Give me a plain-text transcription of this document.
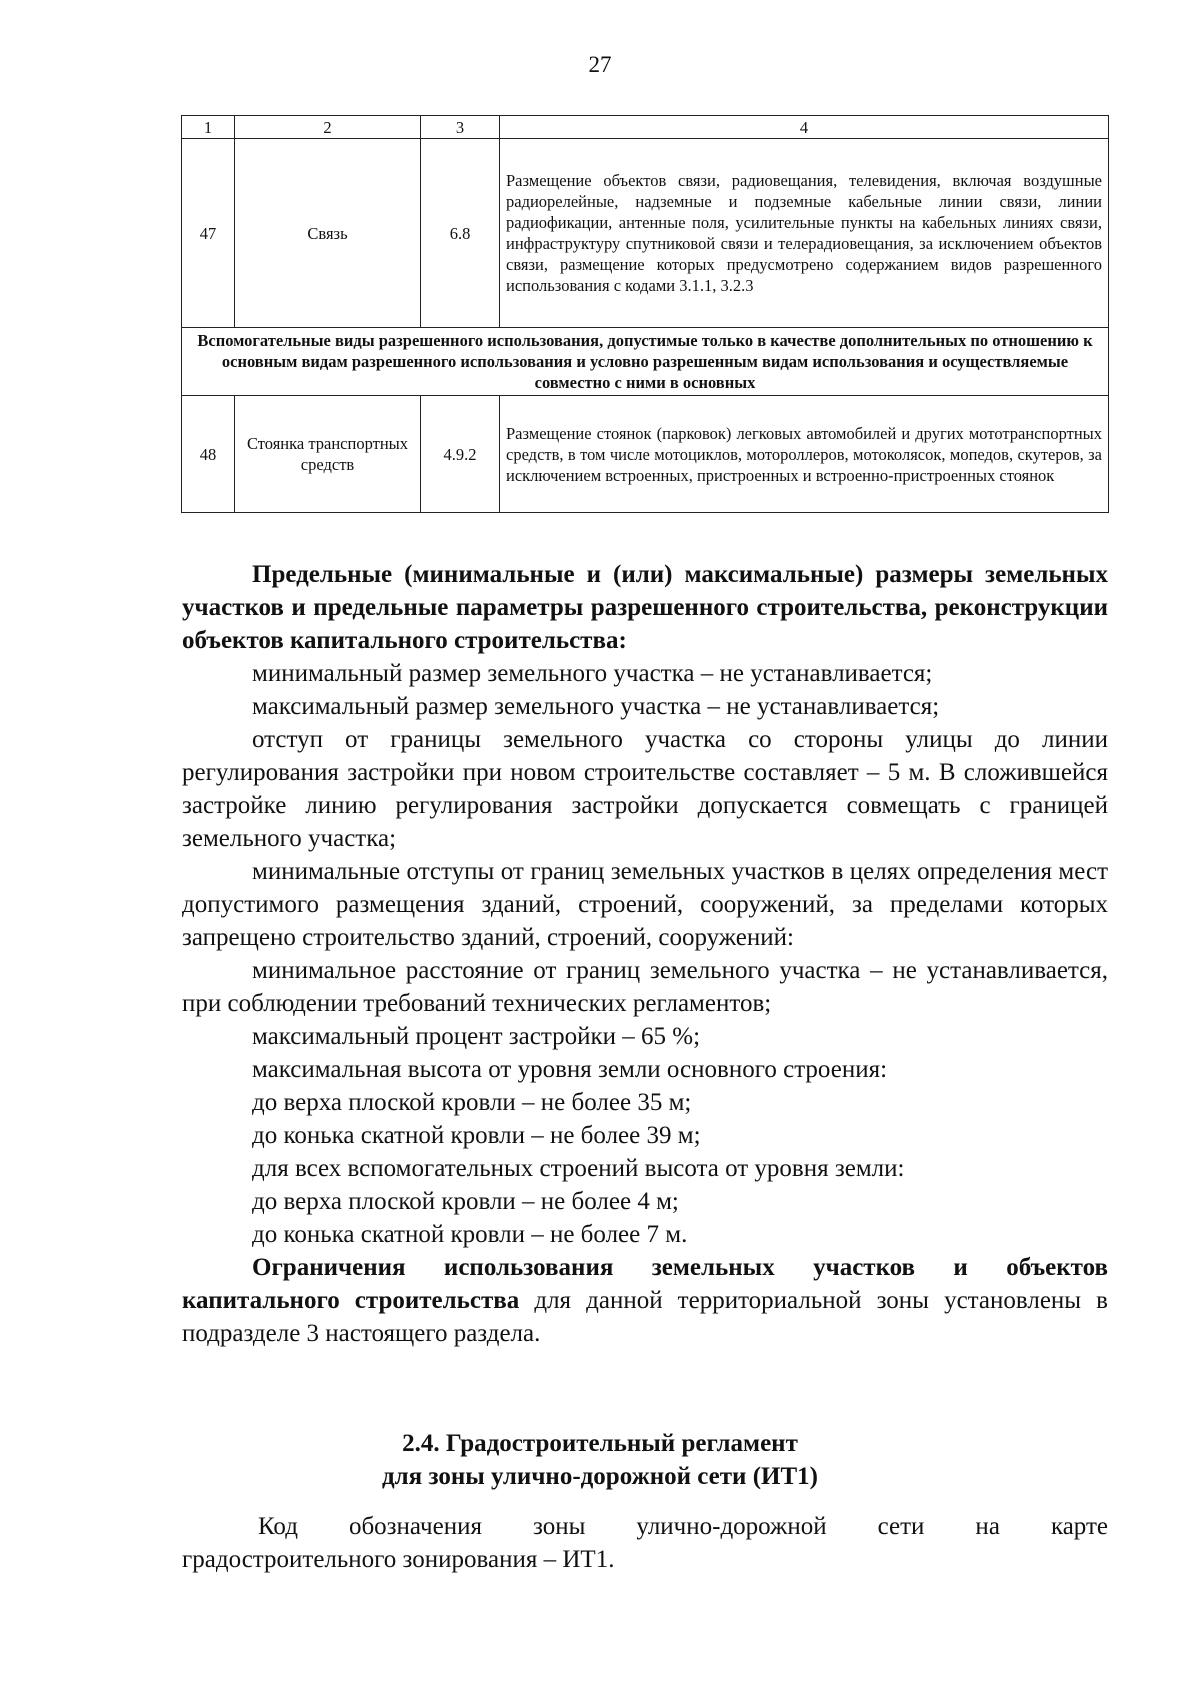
27
1	2	3	4
47	Связь	6.8	Размещение объектов связи, радиовещания, телевидения, включая воздушные радиорелейные, надземные и подземные кабельные линии связи, линии радиофикации, антенные поля, усилительные пункты на кабельных линиях связи, инфраструктуру спутниковой связи и телерадиовещания, за исключением объектов связи, размещение которых предусмотрено содержанием видов разрешенного использования с кодами 3.1.1, 3.2.3
Вспомогательные виды разрешенного использования, допустимые только в качестве дополнительных по отношению к основным видам разрешенного использования и условно разрешенным видам использования и осуществляемые совместно с ними в основных			
48	Стоянка транспортных средств	4.9.2	Размещение стоянок (парковок) легковых автомобилей и других мототранспортных средств, в том числе мотоциклов, мотороллеров, мотоколясок, мопедов, скутеров, за исключением встроенных, пристроенных и встроенно-пристроенных стоянок

Предельные (минимальные и (или) максимальные) размеры земельных участков и предельные параметры разрешенного строительства, реконструкции объектов капитального строительства:

минимальный размер земельного участка – не устанавливается;

максимальный размер земельного участка – не устанавливается;

отступ от границы земельного участка со стороны улицы до линии регулирования застройки при новом строительстве составляет – 5 м. В сложившейся застройке линию регулирования застройки допускается совмещать с границей земельного участка;

минимальные отступы от границ земельных участков в целях определения мест допустимого размещения зданий, строений, сооружений, за пределами которых запрещено строительство зданий, строений, сооружений:

минимальное расстояние от границ земельного участка – не устанавливается, при соблюдении требований технических регламентов;

максимальный процент застройки – 65 %;

максимальная высота от уровня земли основного строения:

до верха плоской кровли – не более 35 м;

до конька скатной кровли – не более 39 м;

для всех вспомогательных строений высота от уровня земли:

до верха плоской кровли – не более 4 м;

до конька скатной кровли – не более 7 м.

Ограничения использования земельных участков и объектов капитального строительства для данной территориальной зоны установлены в подразделе 3 настоящего раздела.

2.4. Градостроительный регламент
для зоны улично-дорожной сети (ИТ1)
Код обозначения зоны улично-дорожной сети на карте
градостроительного зонирования – ИТ1.
